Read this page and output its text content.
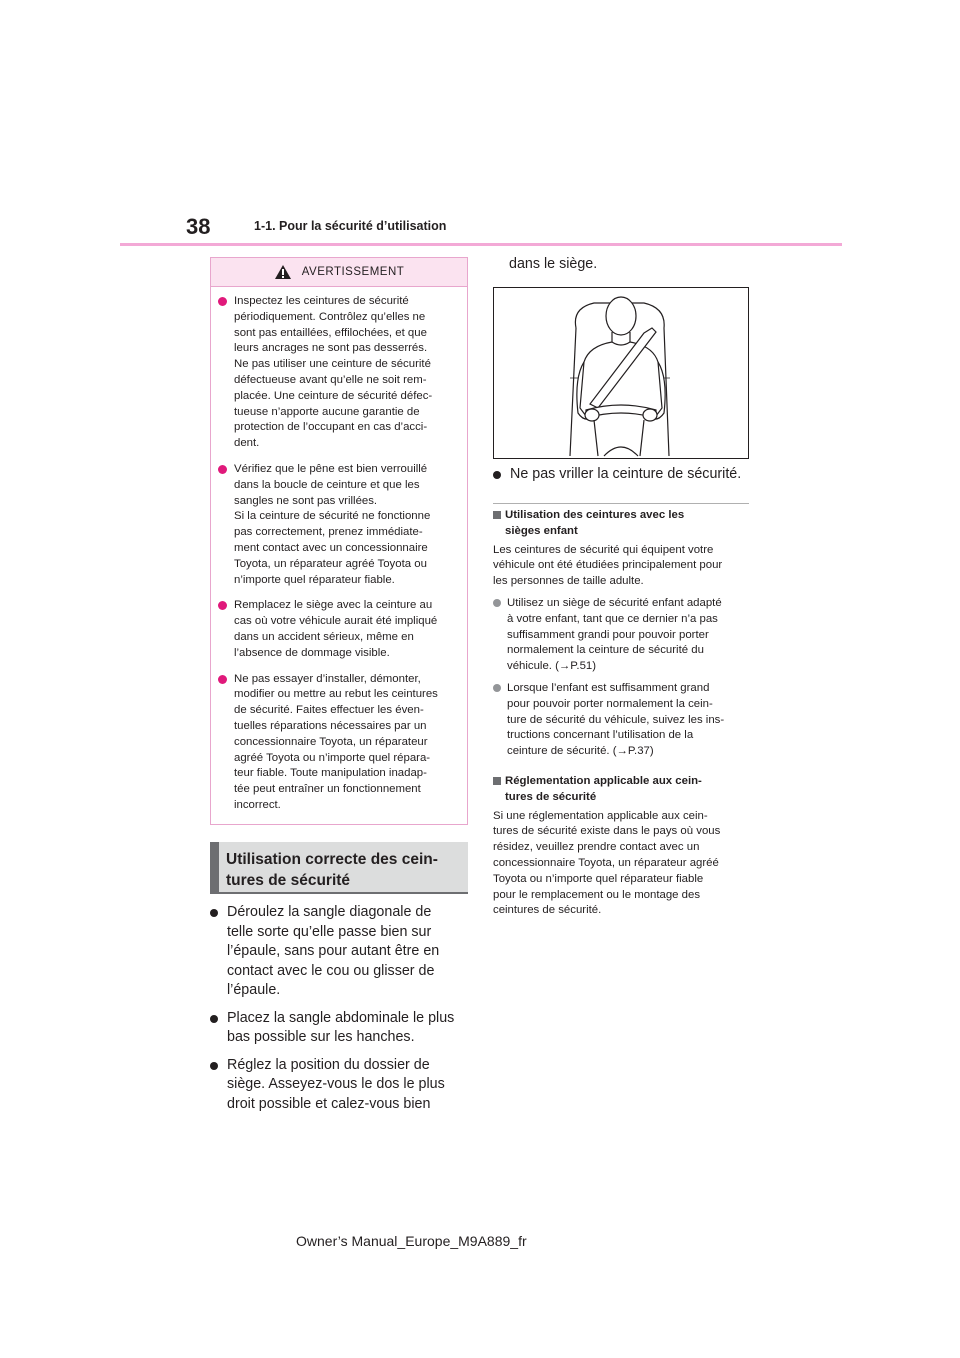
38	1-1. Pour la sécurité d’utilisation
AVERTISSEMENT
Inspectez les ceintures de sécurité
périodiquement. Contrôlez qu’elles ne
sont pas entaillées, effilochées, et que
leurs ancrages ne sont pas desserrés.
Ne pas utiliser une ceinture de sécurité
défectueuse avant qu’elle ne soit rem-
placée. Une ceinture de sécurité défec-
tueuse n’apporte aucune garantie de
protection de l’occupant en cas d’acci-
dent.
Vérifiez que le pêne est bien verrouillé
dans la boucle de ceinture et que les
sangles ne sont pas vrillées.
Si la ceinture de sécurité ne fonctionne
pas correctement, prenez immédiate-
ment contact avec un concessionnaire
Toyota, un réparateur agréé Toyota ou
n’importe quel réparateur fiable.
Remplacez le siège avec la ceinture au
cas où votre véhicule aurait été impliqué
dans un accident sérieux, même en
l’absence de dommage visible.
Ne pas essayer d’installer, démonter,
modifier ou mettre au rebut les ceintures
de sécurité. Faites effectuer les éven-
tuelles réparations nécessaires par un
concessionnaire Toyota, un réparateur
agréé Toyota ou n’importe quel répara-
teur fiable. Toute manipulation inadap-
tée peut entraîner un fonctionnement
incorrect.
Utilisation correcte des cein-
tures de sécurité
Déroulez la sangle diagonale de
telle sorte qu’elle passe bien sur
l’épaule, sans pour autant être en
contact avec le cou ou glisser de
l’épaule.
Placez la sangle abdominale le plus
bas possible sur les hanches.
Réglez la position du dossier de
siège. Asseyez-vous le dos le plus
droit possible et calez-vous bien
dans le siège.
Ne pas vriller la ceinture de sécurité.
Utilisation des ceintures avec les
sièges enfant
Les ceintures de sécurité qui équipent votre
véhicule ont été étudiées principalement pour
les personnes de taille adulte.
Utilisez un siège de sécurité enfant adapté
à votre enfant, tant que ce dernier n’a pas
suffisamment grandi pour pouvoir porter
normalement la ceinture de sécurité du
véhicule. (→P.51)
Lorsque l’enfant est suffisamment grand
pour pouvoir porter normalement la cein-
ture de sécurité du véhicule, suivez les ins-
tructions concernant l’utilisation de la
ceinture de sécurité. (→P.37)
Réglementation applicable aux cein-
tures de sécurité
Si une réglementation applicable aux cein-
tures de sécurité existe dans le pays où vous
résidez, veuillez prendre contact avec un
concessionnaire Toyota, un réparateur agréé
Toyota ou n’importe quel réparateur fiable
pour le remplacement ou le montage des
ceintures de sécurité.
Owner’s Manual_Europe_M9A889_fr
